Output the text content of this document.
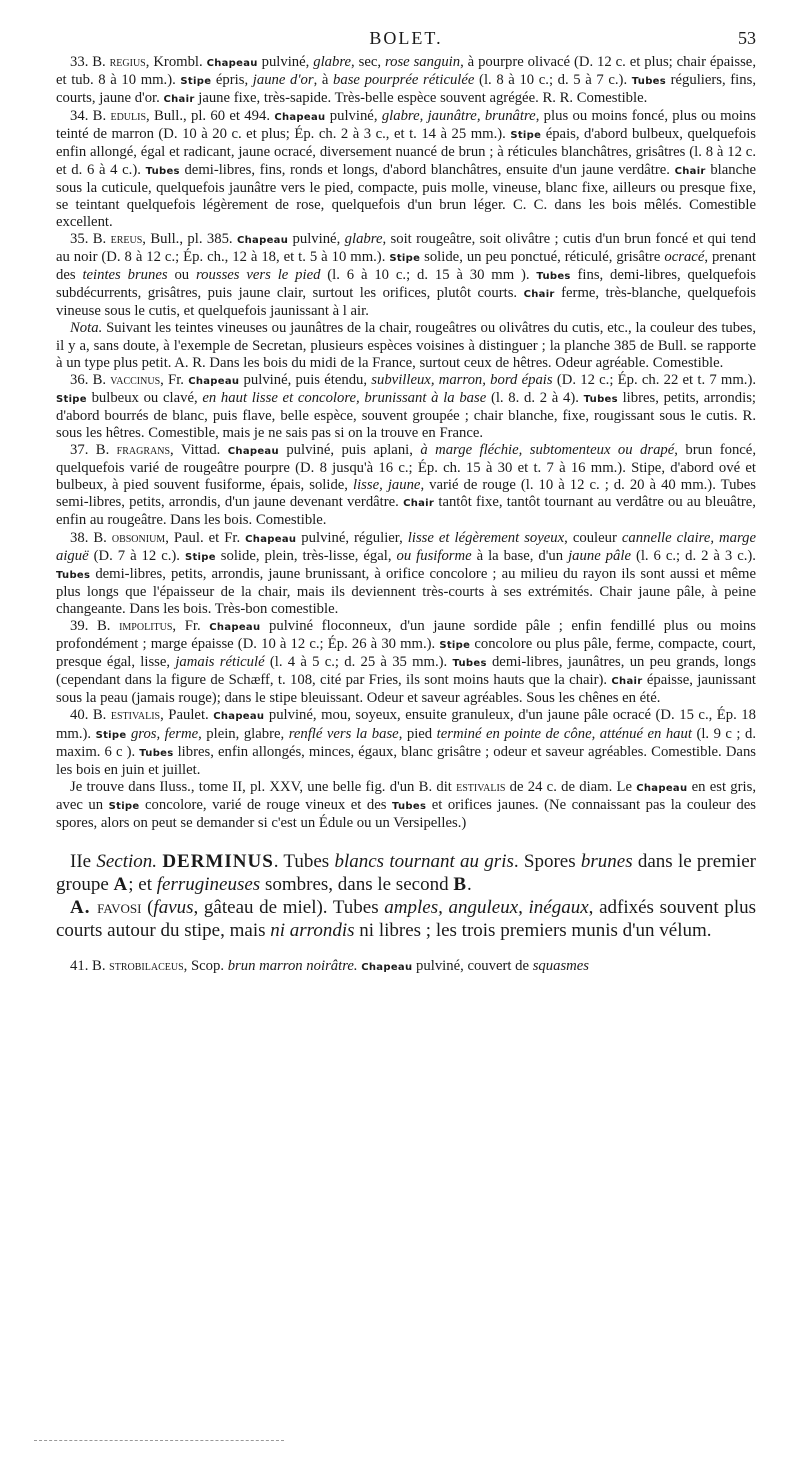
BOLET.	53

33. B. regius, Krombl. Chapeau pulviné, glabre, sec, rose sanguin, à pourpre olivacé (D. 12 c. et plus; chair épaisse, et tub. 8 à 10 mm.). Stipe épris, jaune d'or, à base pourprée réticulée (l. 8 à 10 c.; d. 5 à 7 c.). Tubes réguliers, fins, courts, jaune d'or. Chair jaune fixe, très-sapide. Très-belle espèce souvent agrégée. R. R. Comestible.

34. B. edulis, Bull., pl. 60 et 494. Chapeau pulviné, glabre, jaunâtre, brunâtre, plus ou moins foncé, plus ou moins teinté de marron (D. 10 à 20 c. et plus; Ép. ch. 2 à 3 c., et t. 14 à 25 mm.). Stipe épais, d'abord bulbeux, quelquefois enfin allongé, égal et radicant, jaune ocracé, diversement nuancé de brun ; à réticules blanchâtres, grisâtres (l. 8 à 12 c. et d. 6 à 4 c.). Tubes demi-libres, fins, ronds et longs, d'abord blanchâtres, ensuite d'un jaune verdâtre. Chair blanche sous la cuticule, quelquefois jaunâtre vers le pied, compacte, puis molle, vineuse, blanc fixe, ailleurs ou presque fixe, se teintant quelquefois légèrement de rose, quelquefois d'un brun léger. C. C. dans les bois mêlés. Comestible excellent.

35. B. ereus, Bull., pl. 385. Chapeau pulviné, glabre, soit rougeâtre, soit olivâtre ; cutis d'un brun foncé et qui tend au noir (D. 8 à 12 c.; Ép. ch., 12 à 18, et t. 5 à 10 mm.). Stipe solide, un peu ponctué, réticulé, grisâtre ocracé, prenant des teintes brunes ou rousses vers le pied (l. 6 à 10 c.; d. 15 à 30 mm ). Tubes fins, demi-libres, quelquefois subdécurrents, grisâtres, puis jaune clair, surtout les orifices, plutôt courts. Chair ferme, très-blanche, quelquefois vineuse sous le cutis, et quelquefois jaunissant à l air.

Nota. Suivant les teintes vineuses ou jaunâtres de la chair, rougeâtres ou olivâtres du cutis, etc., la couleur des tubes, il y a, sans doute, à l'exemple de Secretan, plusieurs espèces voisines à distinguer ; la planche 385 de Bull. se rapporte à un type plus petit. A. R. Dans les bois du midi de la France, surtout ceux de hêtres. Odeur agréable. Comestible.

36. B. vaccinus, Fr. Chapeau pulviné, puis étendu, subvilleux, marron, bord épais (D. 12 c.; Ép. ch. 22 et t. 7 mm.). Stipe bulbeux ou clavé, en haut lisse et concolore, brunissant à la base (l. 8. d. 2 à 4). Tubes libres, petits, arrondis; d'abord bourrés de blanc, puis flave, belle espèce, souvent groupée ; chair blanche, fixe, rougissant sous le cutis. R. sous les hêtres. Comestible, mais je ne sais pas si on la trouve en France.

37. B. fragrans, Vittad. Chapeau pulviné, puis aplani, à marge fléchie, subtomenteux ou drapé, brun foncé, quelquefois varié de rougeâtre pourpre (D. 8 jusqu'à 16 c.; Ép. ch. 15 à 30 et t. 7 à 16 mm.). Stipe, d'abord ové et bulbeux, à pied souvent fusiforme, épais, solide, lisse, jaune, varié de rouge (l. 10 à 12 c. ; d. 20 à 40 mm.). Tubes semi-libres, petits, arrondis, d'un jaune devenant verdâtre. Chair tantôt fixe, tantôt tournant au verdâtre ou au bleuâtre, enfin au rougeâtre. Dans les bois. Comestible.

38. B. obsonium, Paul. et Fr. Chapeau pulviné, régulier, lisse et légèrement soyeux, couleur cannelle claire, marge aiguë (D. 7 à 12 c.). Stipe solide, plein, très-lisse, égal, ou fusiforme à la base, d'un jaune pâle (l. 6 c.; d. 2 à 3 c.). Tubes demi-libres, petits, arrondis, jaune brunissant, à orifice concolore ; au milieu du rayon ils sont aussi et même plus longs que l'épaisseur de la chair, mais ils deviennent très-courts à ses extrémités. Chair jaune pâle, à peine changeante. Dans les bois. Très-bon comestible.

39. B. impolitus, Fr. Chapeau pulviné floconneux, d'un jaune sordide pâle ; enfin fendillé plus ou moins profondément ; marge épaisse (D. 10 à 12 c.; Ép. 26 à 30 mm.). Stipe concolore ou plus pâle, ferme, compacte, court, presque égal, lisse, jamais réticulé (l. 4 à 5 c.; d. 25 à 35 mm.). Tubes demi-libres, jaunâtres, un peu grands, longs (cependant dans la figure de Schæff, t. 108, cité par Fries, ils sont moins hauts que la chair). Chair épaisse, jaunissant sous la peau (jamais rouge); dans le stipe bleuissant. Odeur et saveur agréables. Sous les chênes en été.

40. B. estivalis, Paulet. Chapeau pulviné, mou, soyeux, ensuite granuleux, d'un jaune pâle ocracé (D. 15 c., Ép. 18 mm.). Stipe gros, ferme, plein, glabre, renflé vers la base, pied terminé en pointe de cône, atténué en haut (l. 9 c ; d. maxim. 6 c ). Tubes libres, enfin allongés, minces, égaux, blanc grisâtre ; odeur et saveur agréables. Comestible. Dans les bois en juin et juillet.

Je trouve dans Iluss., tome II, pl. XXV, une belle fig. d'un B. dit estivalis de 24 c. de diam. Le Chapeau en est gris, avec un Stipe concolore, varié de rouge vineux et des Tubes et orifices jaunes. (Ne connaissant pas la couleur des spores, alors on peut se demander si c'est un Édule ou un Versipelles.)

IIe Section. DERMINUS. Tubes blancs tournant au gris. Spores brunes dans le premier groupe A; et ferrugineuses sombres, dans le second B.

A. favosi (favus, gâteau de miel). Tubes amples, anguleux, inégaux, adfixés souvent plus courts autour du stipe, mais ni arrondis ni libres ; les trois premiers munis d'un vélum.

41. B. strobilaceus, Scop. brun marron noirâtre. Chapeau pulviné, couvert de squasmes
